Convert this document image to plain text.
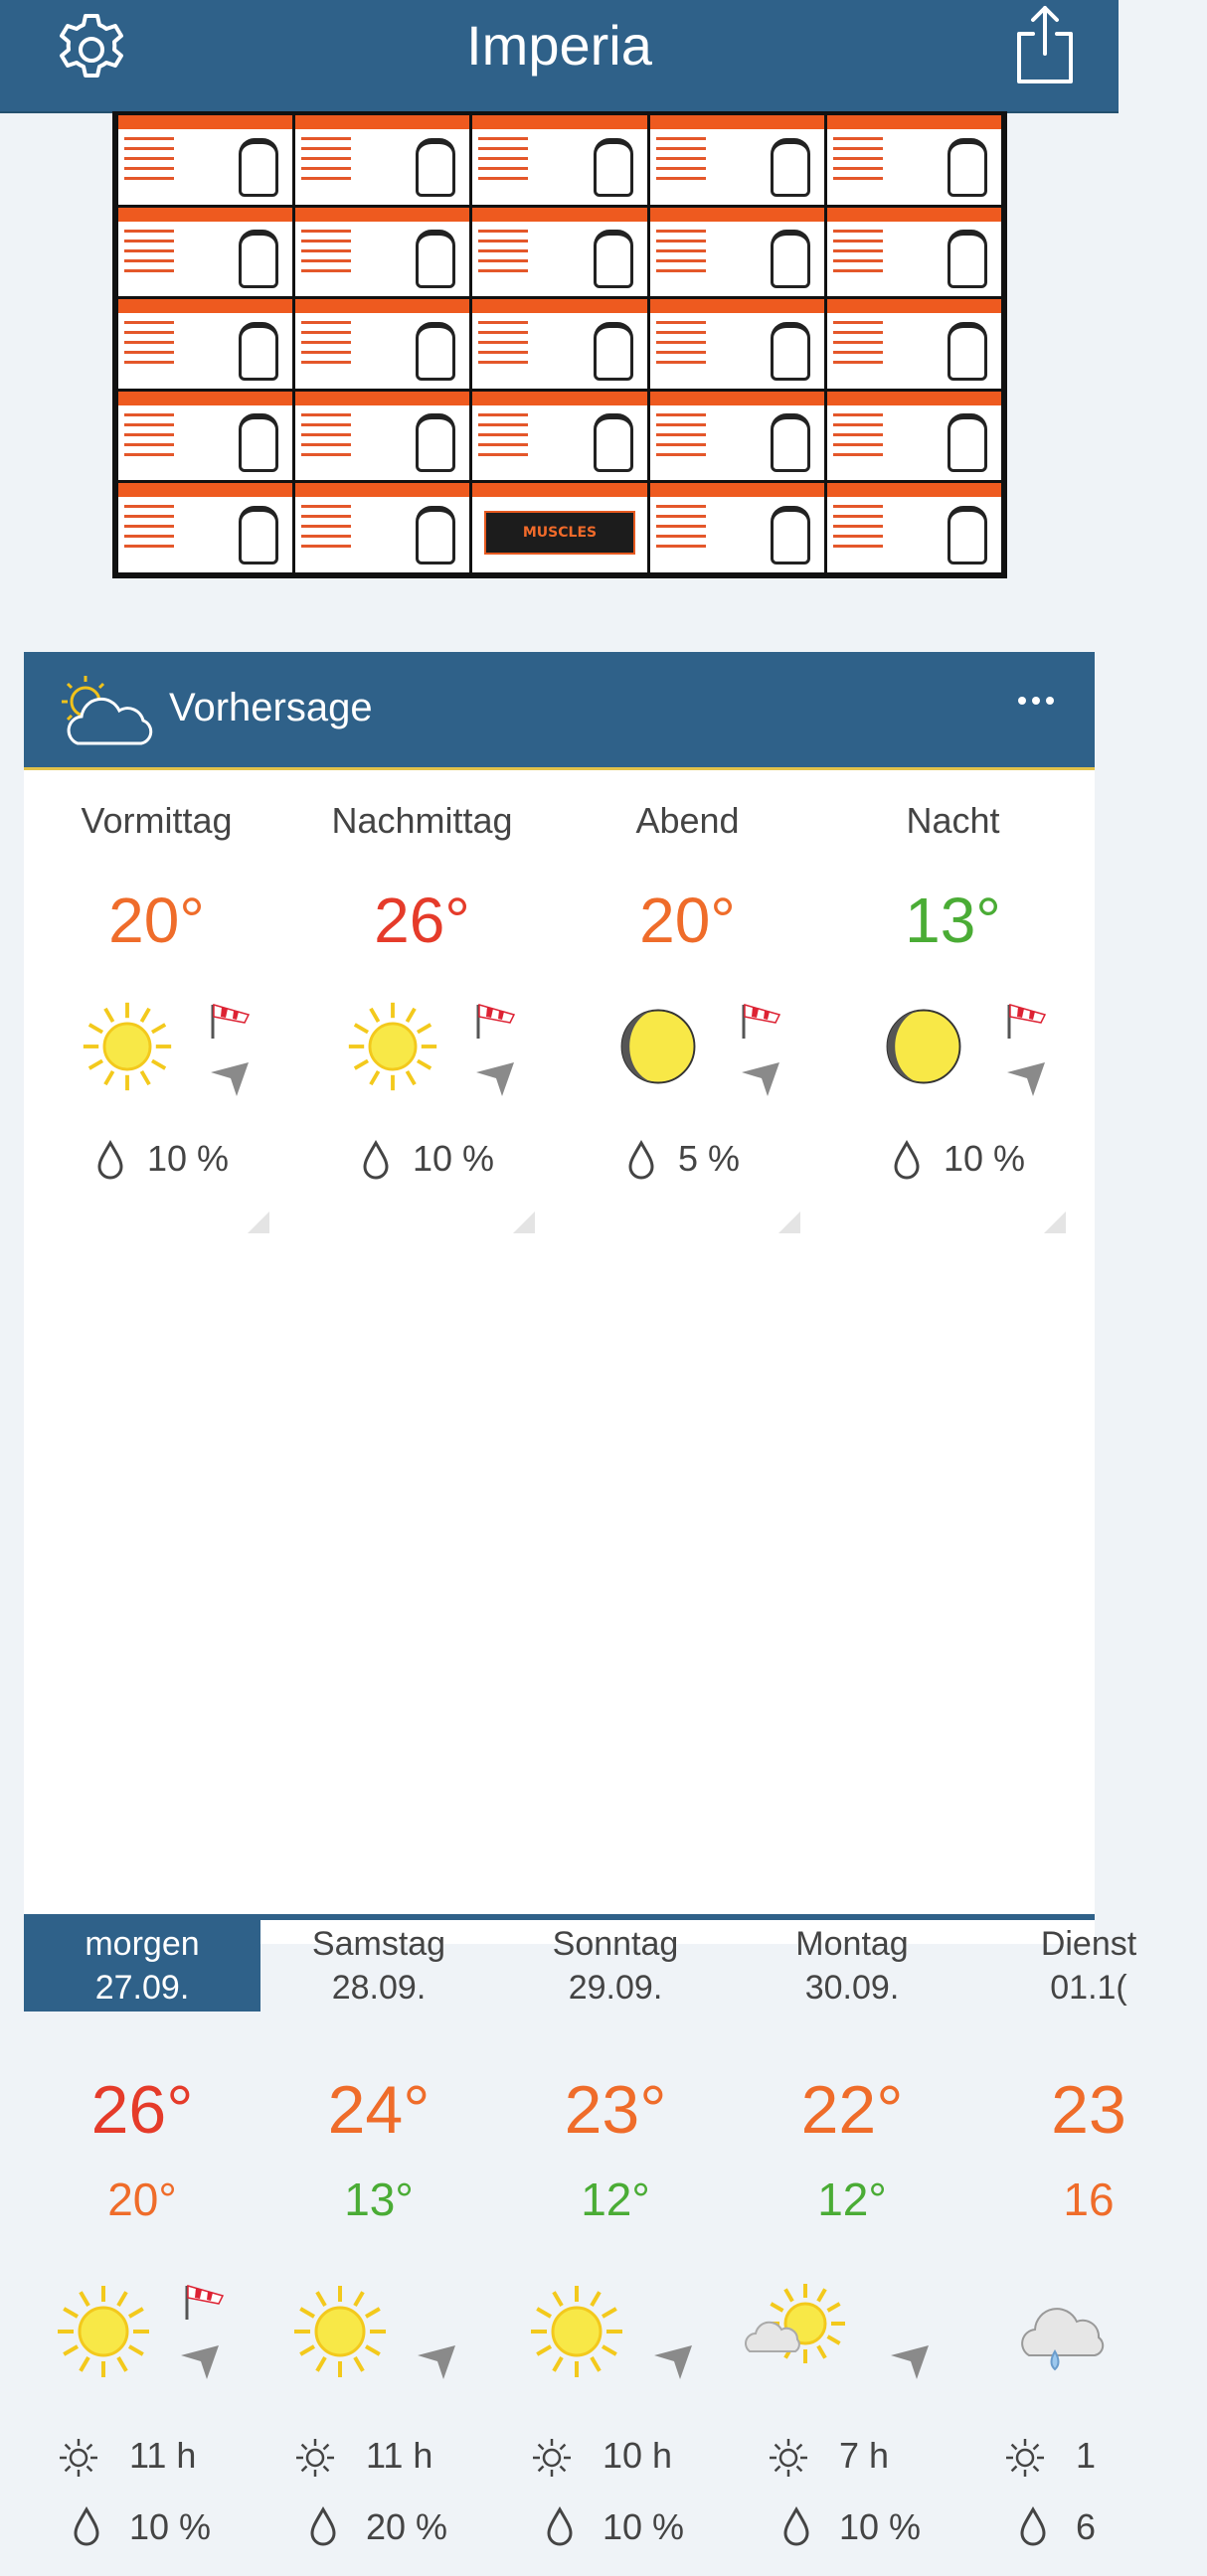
Imperia
MUSCLES
Vorhersage
Vormittag
20°
10 %
Nachmittag
26°
10 %
Abend
20°
5 %
Nacht
13°
10 %
morgen
27.09.
26°
20°
11 h
10 %
Samstag
28.09.
24°
13°
11 h
20 %
Sonntag
29.09.
23°
12°
10 h
10 %
Montag
30.09.
22°
12°
7 h
10 %
Dienst
01.1(
23
16
1
6
